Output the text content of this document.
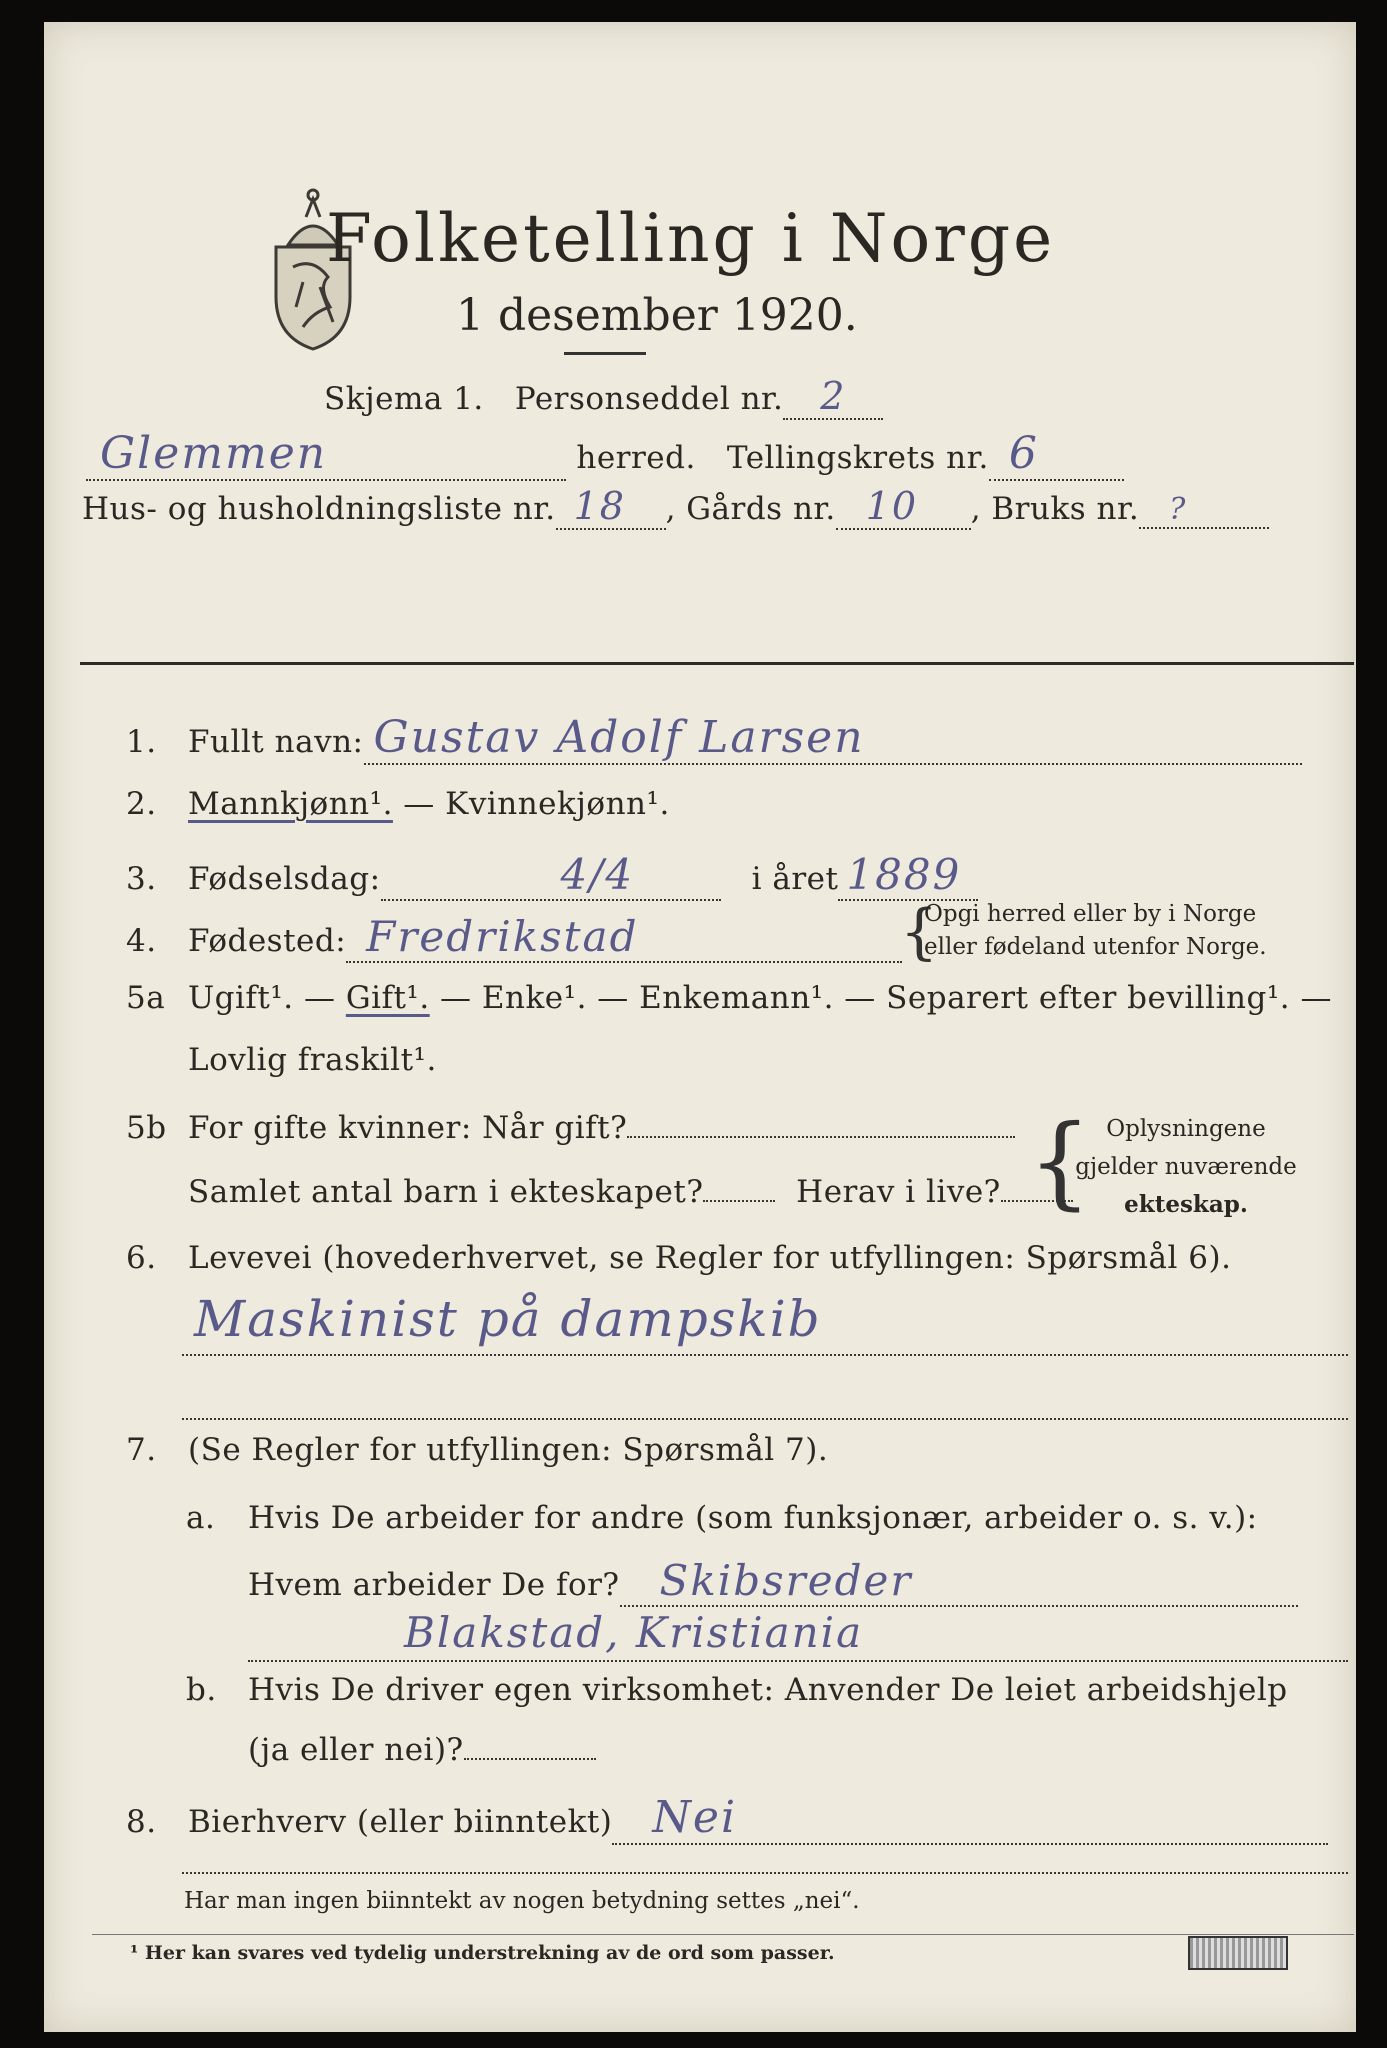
Folketelling i Norge
1 desember 1920.
Skjema 1. Personseddel nr. 2
Glemmen	herred. Tellingskrets nr. 6
Hus- og husholdningsliste nr. 18 , Gårds nr. 10 , Bruks nr. ?
1. Fullt navn: Gustav Adolf Larsen
2. Mannkjønn¹. — Kvinnekjønn¹.
3. Fødselsdag:	4/4	i året 1889
4. Fødested: Fredrikstad	{
Opgi herred eller by i Norge
eller fødeland utenfor Norge.
5a Ugift¹. — Gift¹. — Enke¹. — Enkemann¹. — Separert efter bevilling¹. —
Lovlig fraskilt¹.
5b For gifte kvinner: Når gift?
Samlet antal barn i ekteskapet?	Herav i live? { Oplysningene
gjelder nuværende
ekteskap.
6. Levevei (hovederhvervet, se Regler for utfyllingen: Spørsmål 6).
Maskinist på dampskib
7. (Se Regler for utfyllingen: Spørsmål 7).
a. Hvis De arbeider for andre (som funksjonær, arbeider o. s. v.):
Hvem arbeider De for? Skibsreder
Blakstad, Kristiania
b. Hvis De driver egen virksomhet: Anvender De leiet arbeidshjelp
(ja eller nei)?
8. Bierhverv (eller biinntekt) Nei
Har man ingen biinntekt av nogen betydning settes „nei“.
¹ Her kan svares ved tydelig understrekning av de ord som passer.
